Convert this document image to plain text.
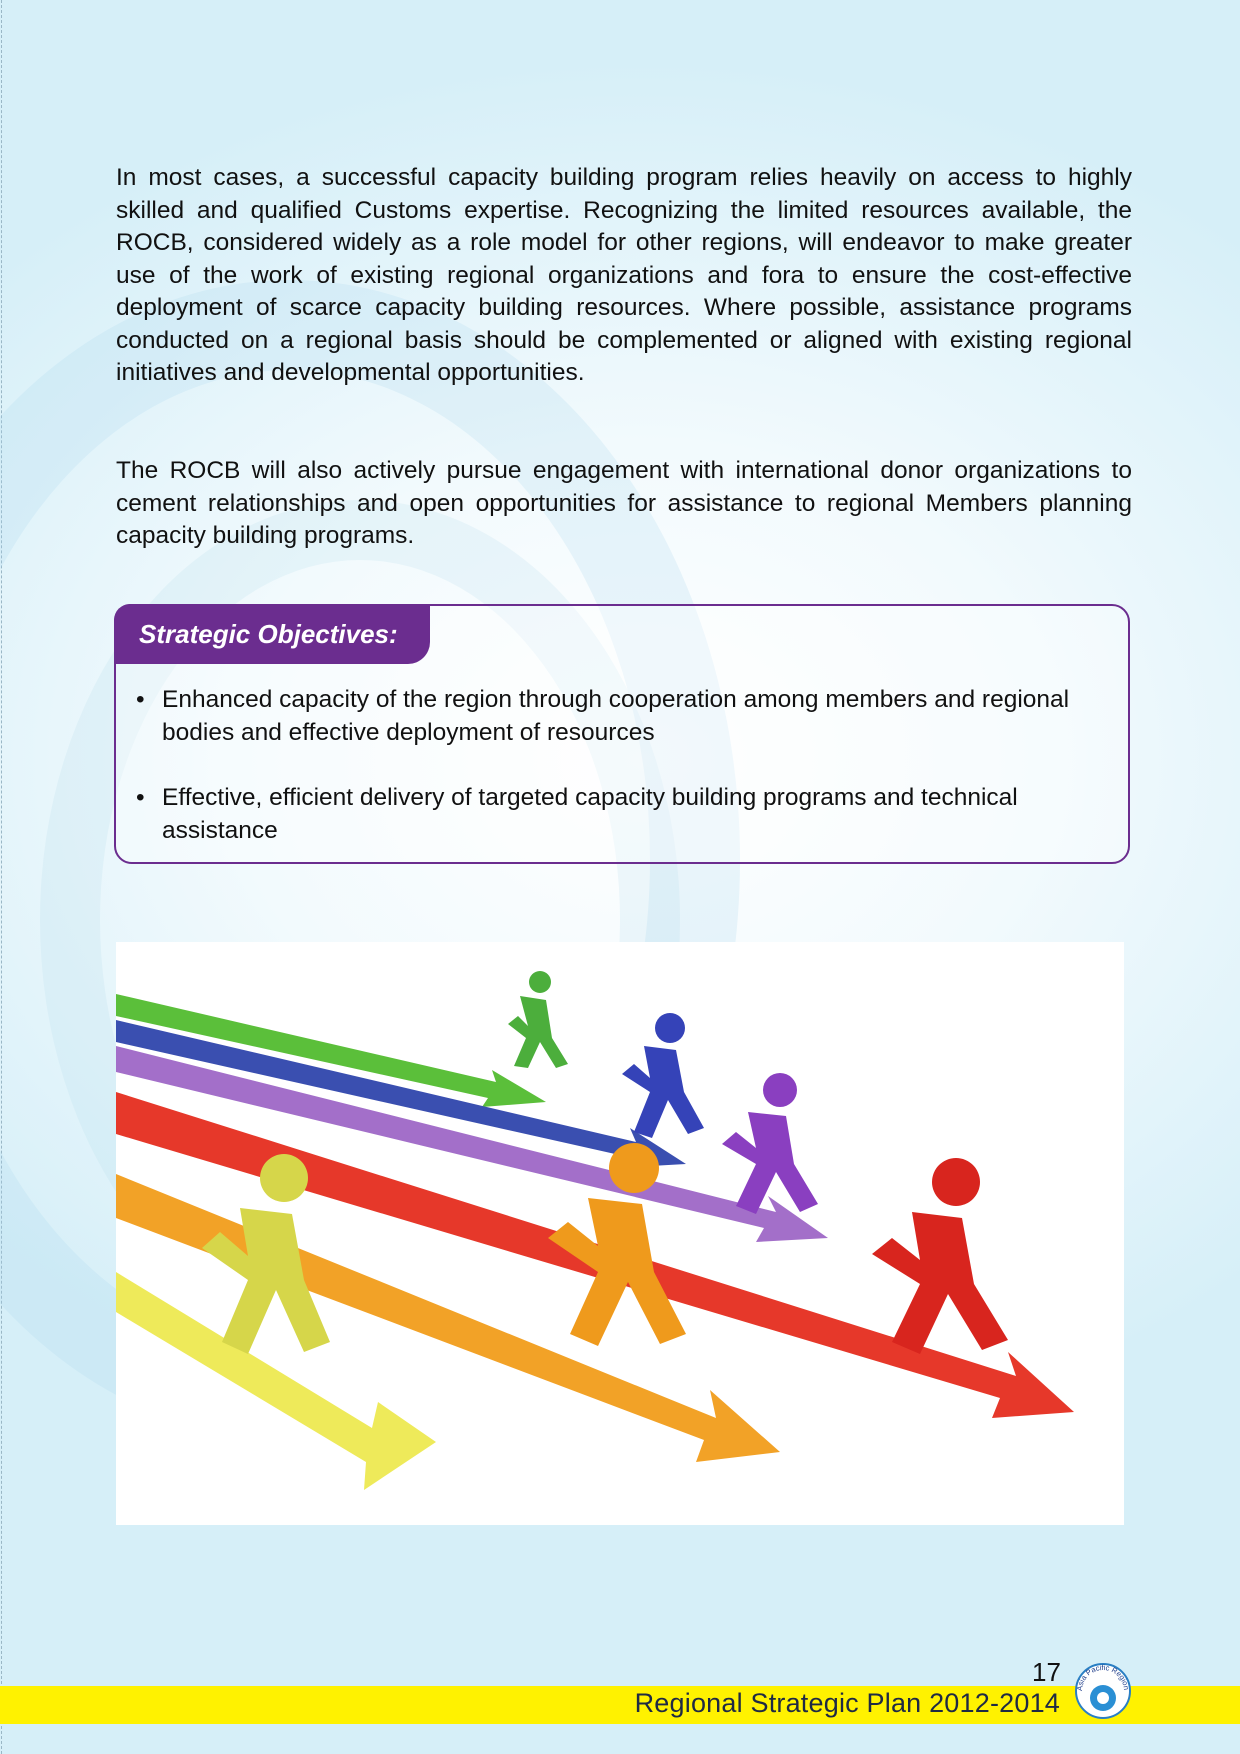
In most cases, a successful capacity building program relies heavily on access to highly skilled and qualified Customs expertise. Recognizing the limited resources available, the ROCB, considered widely as a role model for other regions, will endeavor to make greater use of the work of existing regional organizations and fora to ensure the cost-effective deployment of scarce capacity building resources. Where possible, assistance programs conducted on a regional basis should be complemented or aligned with existing regional initiatives and developmental opportunities.

The ROCB will also actively pursue engagement with international donor organizations to cement relationships and open opportunities for assistance to regional Members planning capacity building programs.

Strategic Objectives:
• Enhanced capacity of the region through cooperation among members and regional bodies and effective deployment of resources
• Effective, efficient delivery of targeted capacity building programs and technical assistance
17
Regional Strategic Plan 2012-2014 Asia Pacific Region
